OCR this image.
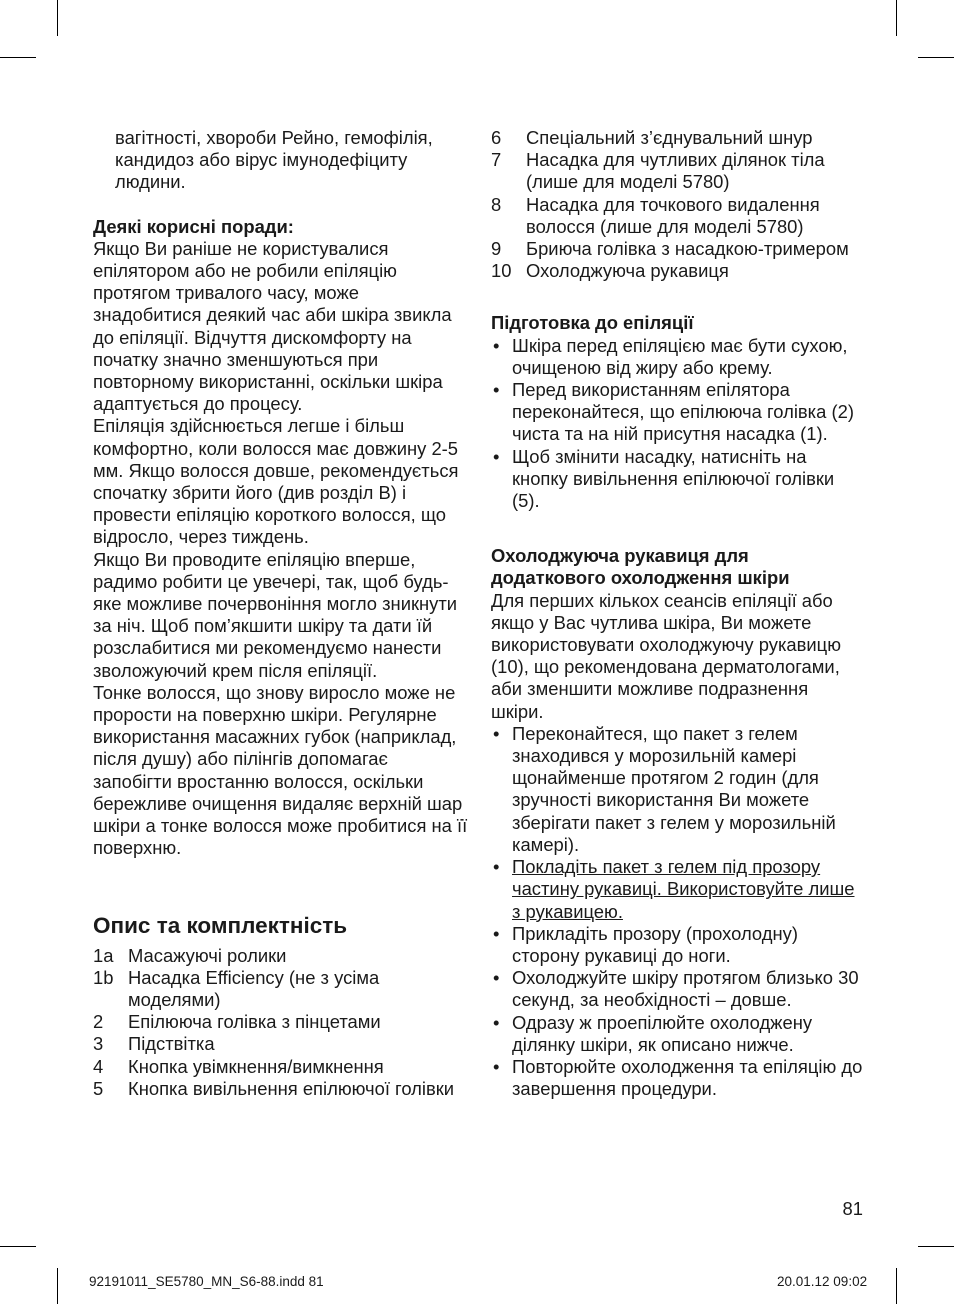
вагітності, хвороби Рейно, гемофілія, кандидоз або вірус імунодефіциту людини.
Деякі корисні поради:
Якщо Ви раніше не користувалися епілятором або не робили епіляцію протягом тривалого часу, може знадобитися деякий час аби шкіра звикла до епіляції. Відчуття дискомфорту на початку значно зменшуються при повторному використанні, оскільки шкіра адаптується до процесу.
Епіляція здійснюється легше і більш комфортно, коли волосся має довжину 2-5 мм. Якщо волосся довше, рекомендується спочатку збрити його (див розділ В) і провести епіляцію короткого волосся, що відросло, через тиждень.
Якщо Ви проводите епіляцію вперше, радимо робити це увечері, так, щоб будь-яке можливе почервоніння могло зникнути за ніч. Щоб пом’якшити шкіру та дати їй розслабитися ми рекомендуємо нанести зволожуючий крем після епіляції.
Тонке волосся, що знову виросло може не прорости на поверхню шкіри. Регулярне використання масажних губок (наприклад, після душу) або пілінгів допомагає запобігти вростанню волосся, оскільки бережливе очищення видаляє верхній шар шкіри а тонке волосся може пробитися на її поверхню.
Опис та комплектність
1a Масажуючі ролики
1b Насадка Efficiency (не з усіма моделями)
2	Епілююча голівка з пінцетами
3	Підствітка
4	Кнопка увімкнення/вимкнення
5	Кнопка вивільнення епілюючої голівки
6	Спеціальний з’єднувальний шнур
7	Насадка для чутливих ділянок тіла (лише для моделі 5780)
8	Насадка для точкового видалення волосся (лише для моделі 5780)
9	Бриюча голівка з насадкою-тримером
10 Охолоджуюча рукавиця
Підготовка до епіляції
• Шкіра перед епіляцією має бути сухою, очищеною від жиру або крему.
• Перед використанням епілятора переконайтеся, що епілююча голівка (2) чиста та на ній присутня насадка (1).
• Щоб змінити насадку, натисніть на кнопку вивільнення епілюючої голівки (5).
Охолоджуюча рукавиця для додаткового охолодження шкіри
Для перших кількох сеансів епіляції або якщо у Вас чутлива шкіра, Ви можете використовувати охолоджуючу рукавицю (10), що рекомендована дерматологами, аби зменшити можливе подразнення шкіри.
• Переконайтеся, що пакет з гелем знаходився у морозильній камері щонайменше протягом 2 годин (для зручності використання Ви можете зберігати пакет з гелем у морозильній камері).
• Покладіть пакет з гелем під прозору частину рукавиці. Використовуйте лише з рукавицею.
• Прикладіть прозору (прохолодну) сторону рукавиці до ноги.
• Охолоджуйте шкіру протягом близько 30 секунд, за необхідності – довше.
• Одразу ж проепілюйте охолоджену ділянку шкіри, як описано нижче.
• Повторюйте охолодження та епіляцію до завершення процедури.
81
92191011_SE5780_MN_S6-88.indd 81	20.01.12 09:02
